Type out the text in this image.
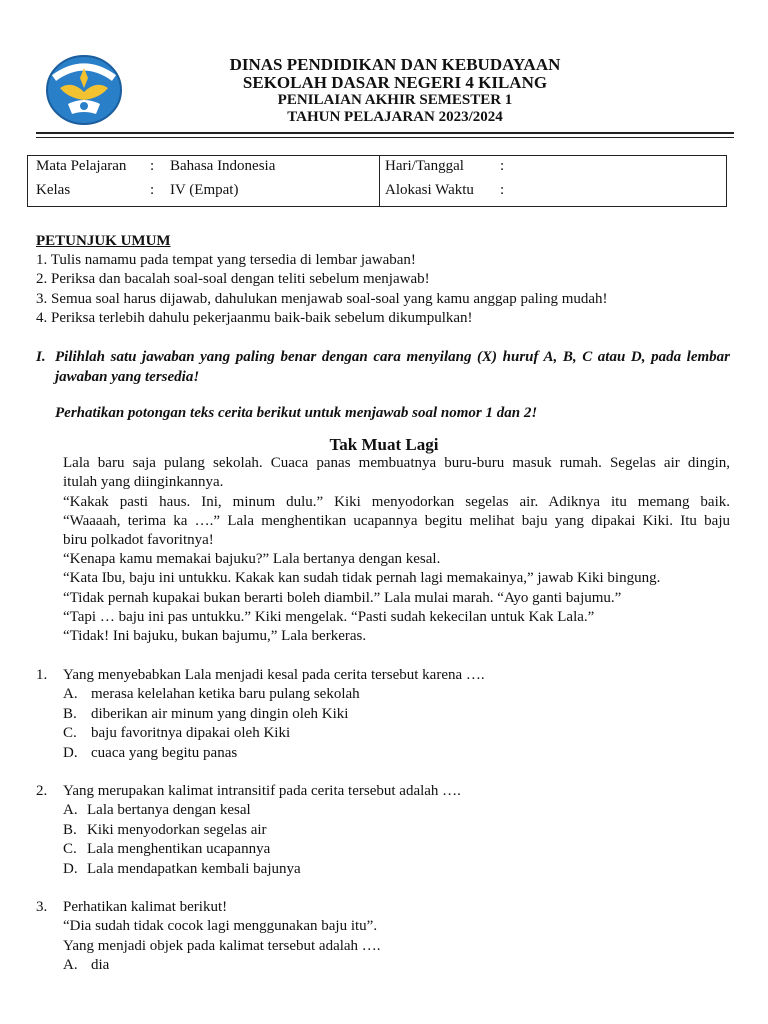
DINAS PENDIDIKAN DAN KEBUDAYAAN
SEKOLAH DASAR NEGERI 4 KILANG
PENILAIAN AKHIR SEMESTER 1
TAHUN PELAJARAN 2023/2024
Mata Pelajaran : Bahasa Indonesia
Kelas	: IV (Empat)
Hari/Tanggal :
Alokasi Waktu :
PETUNJUK UMUM
1. Tulis namamu pada tempat yang tersedia di lembar jawaban!
2. Periksa dan bacalah soal-soal dengan teliti sebelum menjawab!
3. Semua soal harus dijawab, dahulukan menjawab soal-soal yang kamu anggap paling mudah!
4. Periksa terlebih dahulu pekerjaanmu baik-baik sebelum dikumpulkan!
I. Pilihlah satu jawaban yang paling benar dengan cara menyilang (X) huruf A, B, C atau D, pada lembar
jawaban yang tersedia!
Perhatikan potongan teks cerita berikut untuk menjawab soal nomor 1 dan 2!
Tak Muat Lagi
Lala baru saja pulang sekolah. Cuaca panas membuatnya buru-buru masuk rumah. Segelas air dingin,
itulah yang diinginkannya.
“Kakak pasti haus. Ini, minum dulu.” Kiki menyodorkan segelas air. Adiknya itu memang baik.
“Waaaah, terima ka ….” Lala menghentikan ucapannya begitu melihat baju yang dipakai Kiki. Itu baju
biru polkadot favoritnya!
“Kenapa kamu memakai bajuku?” Lala bertanya dengan kesal.
“Kata Ibu, baju ini untukku. Kakak kan sudah tidak pernah lagi memakainya,” jawab Kiki bingung.
“Tidak pernah kupakai bukan berarti boleh diambil.” Lala mulai marah. “Ayo ganti bajumu.”
“Tapi … baju ini pas untukku.” Kiki mengelak. “Pasti sudah kekecilan untuk Kak Lala.”
“Tidak! Ini bajuku, bukan bajumu,” Lala berkeras.
1. Yang menyebabkan Lala menjadi kesal pada cerita tersebut karena ….
A. merasa kelelahan ketika baru pulang sekolah
B. diberikan air minum yang dingin oleh Kiki
C. baju favoritnya dipakai oleh Kiki
D. cuaca yang begitu panas
2. Yang merupakan kalimat intransitif pada cerita tersebut adalah ….
A. Lala bertanya dengan kesal
B. Kiki menyodorkan segelas air
C. Lala menghentikan ucapannya
D. Lala mendapatkan kembali bajunya
3. Perhatikan kalimat berikut!
“Dia sudah tidak cocok lagi menggunakan baju itu”.
Yang menjadi objek pada kalimat tersebut adalah ….
A. dia
